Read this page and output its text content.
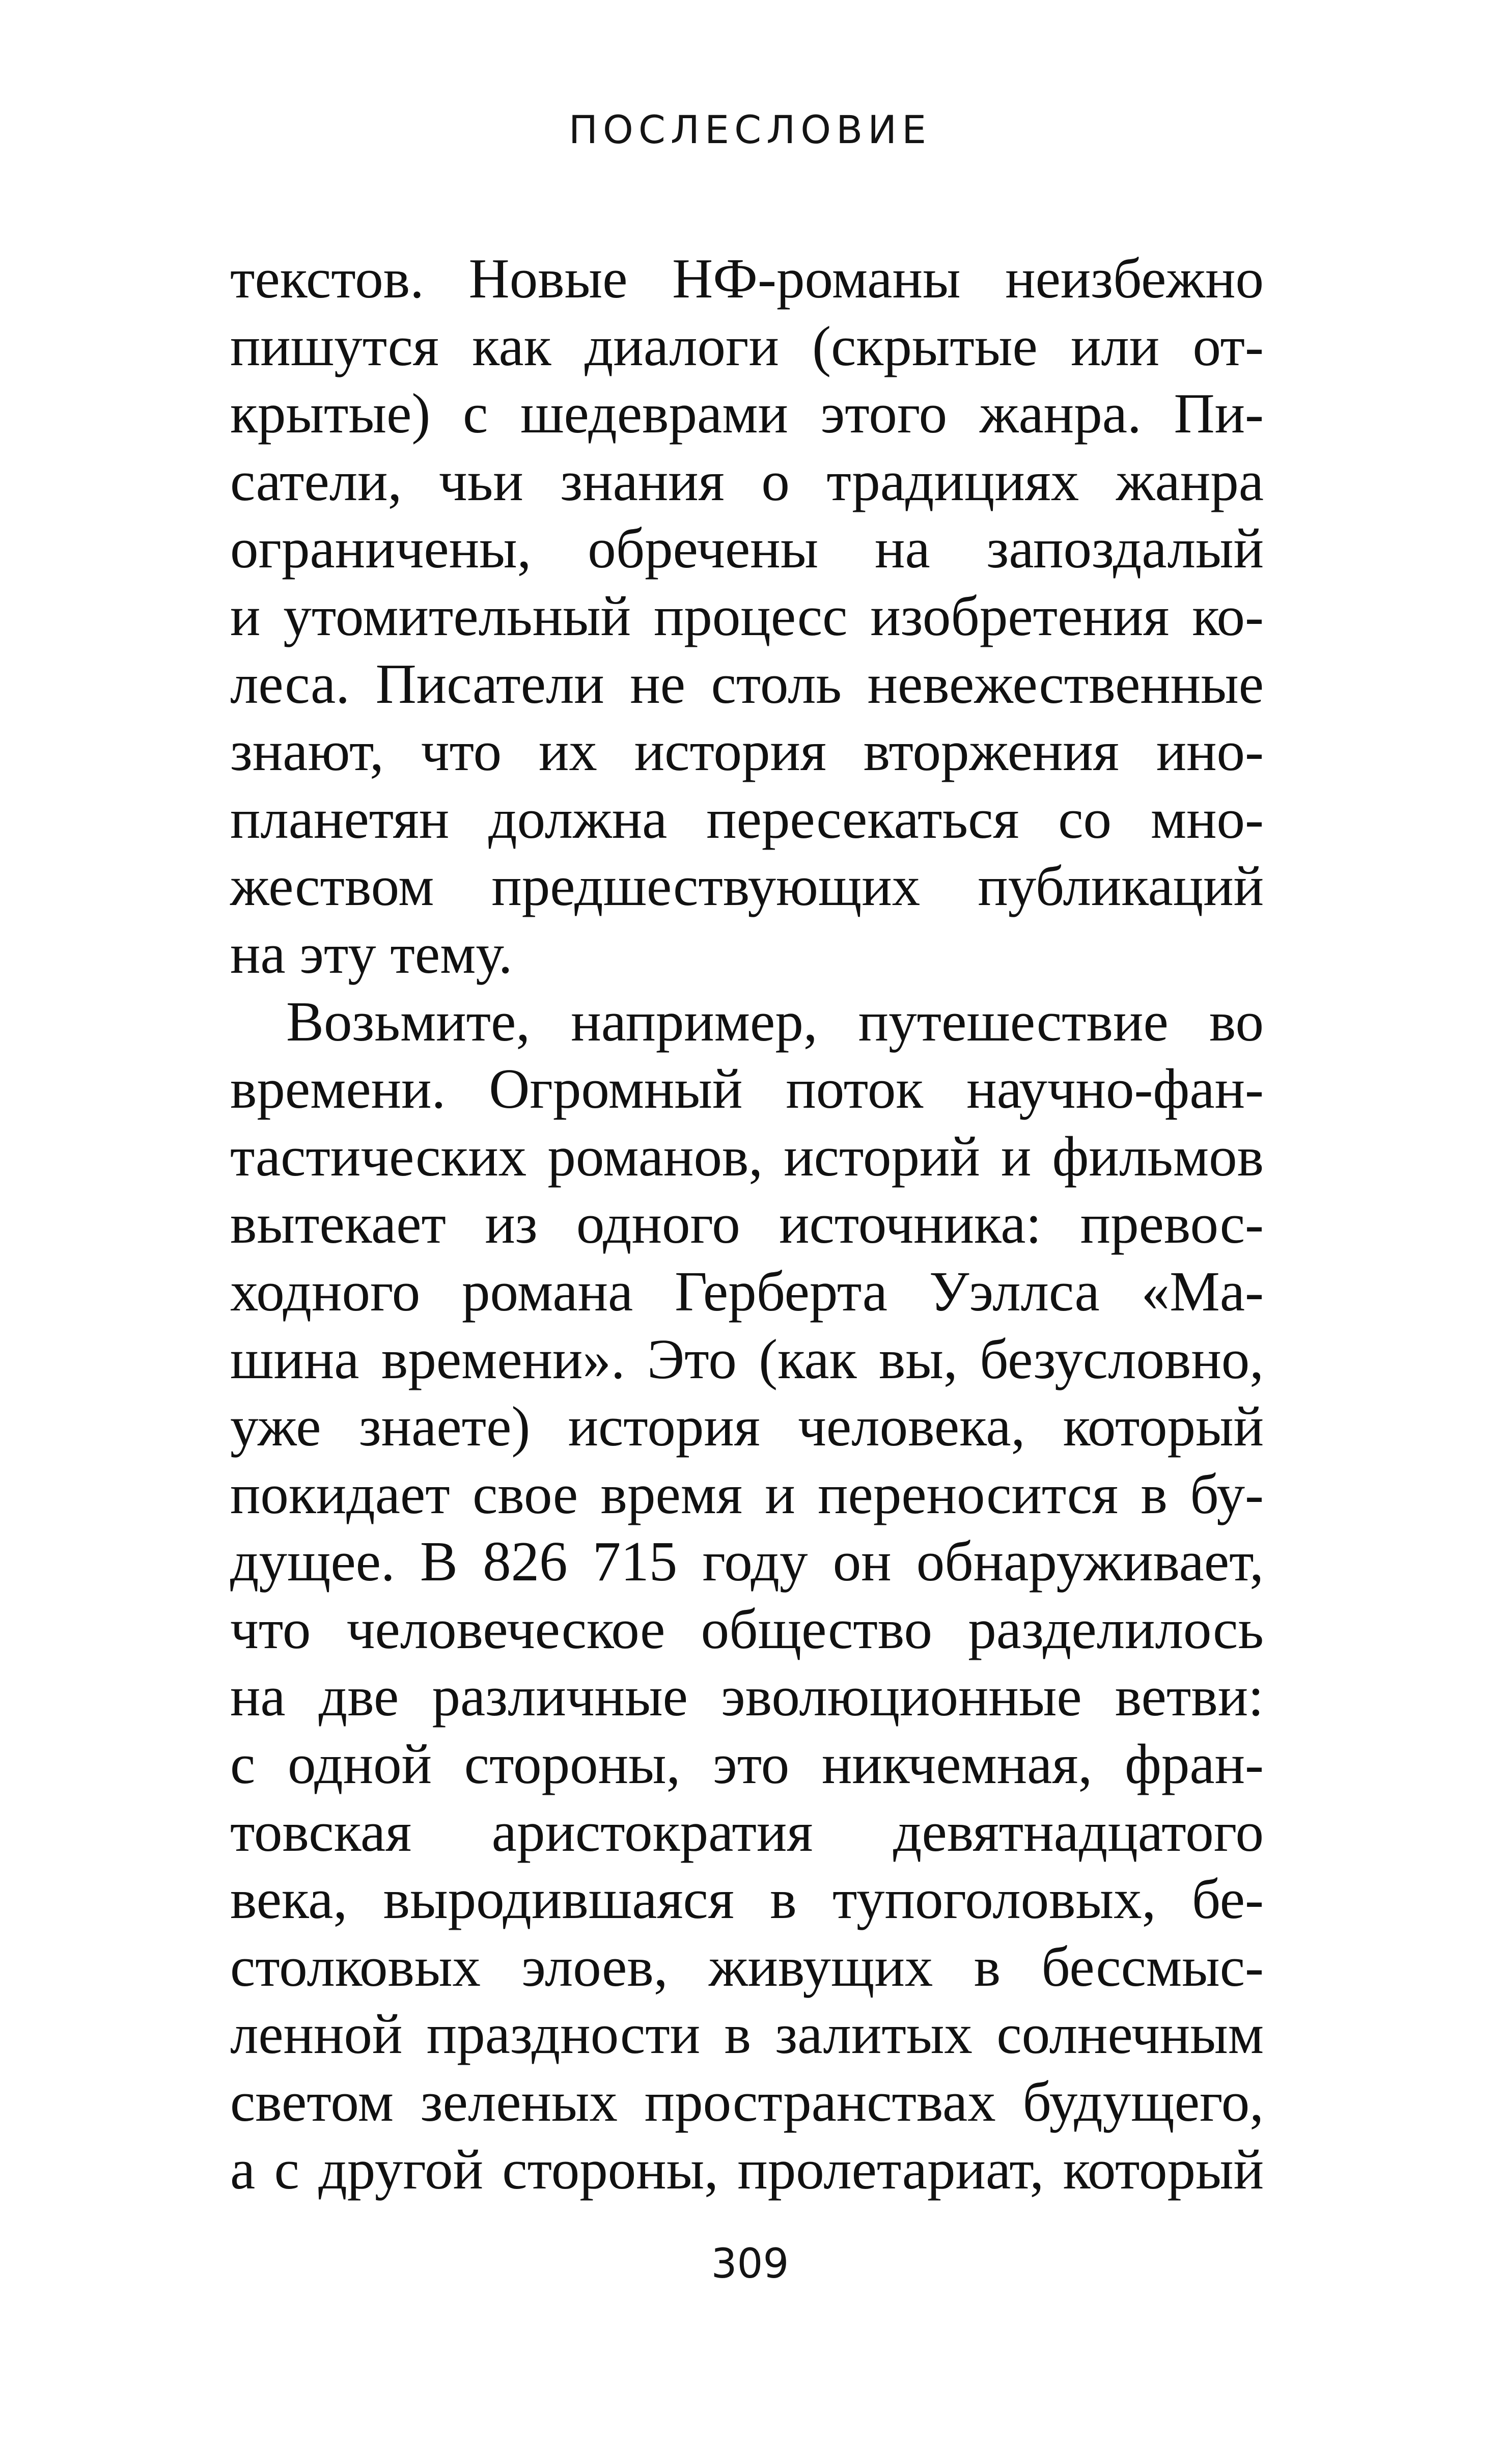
ПОСЛЕСЛОВИЕ
текстов. Новые НФ-романы неизбежно
пишутся как диалоги (скрытые или от-
крытые) с шедеврами этого жанра. Пи-
сатели, чьи знания о традициях жанра
ограничены, обречены на запоздалый
и утомительный процесс изобретения ко-
леса. Писатели не столь невежественные
знают, что их история вторжения ино-
планетян должна пересекаться со мно-
жеством предшествующих публикаций
на эту тему.
Возьмите, например, путешествие во
времени. Огромный поток научно-фан-
тастических романов, историй и фильмов
вытекает из одного источника: превос-
ходного романа Герберта Уэллса «Ма-
шина времени». Это (как вы, безусловно,
уже знаете) история человека, который
покидает свое время и переносится в бу-
дущее. В 826 715 году он обнаруживает,
что человеческое общество разделилось
на две различные эволюционные ветви:
с одной стороны, это никчемная, фран-
товская аристократия девятнадцатого
века, выродившаяся в тупоголовых, бе-
столковых элоев, живущих в бессмыс-
ленной праздности в залитых солнечным
светом зеленых пространствах будущего,
а с другой стороны, пролетариат, который
309
